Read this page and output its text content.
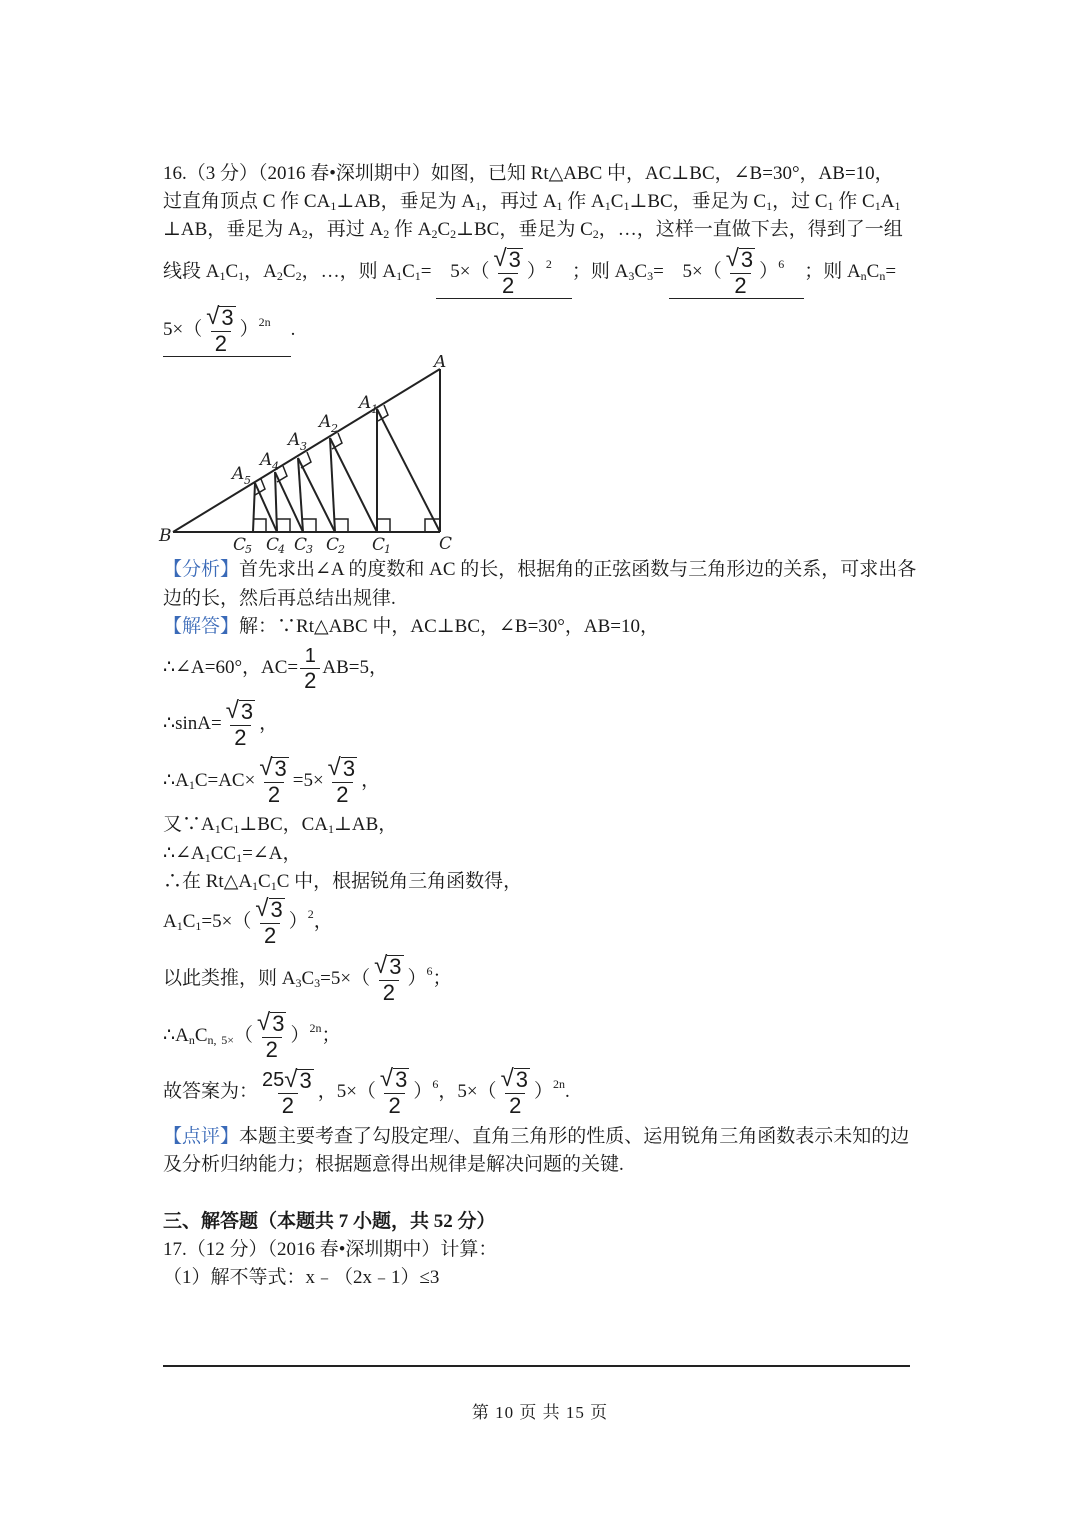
16.（3 分）（2016 春•深圳期中）如图，已知 Rt△ABC 中，AC⊥BC，∠B=30°，AB=10，
过直角顶点 C 作 $CA_1\perp AB$，垂足为 $A_1$，再过 $A_1$ 作 $A_1C_1\perp BC$，垂足为 $C_1$，过 $C_1$ 作 $C_1A_1$
⊥AB，垂足为 $A_2$，再过 $A_2$ 作 $A_2C_2\perp BC$，垂足为 $C_2$，…，这样一直做下去，得到了一组
线段 $A_1C_1$，$A_2C_2$，…，则 $A_1C_1= 5\times( \frac{√ 3}{2} )^2$ ；则 $A_3C_3= 5\times( \frac{√ 3}{2} )^6$ ；则 $A_nC_n=$
$5\times( \frac{√ 3}{2} )^{2n}$ .
A
B	C
A 1
A 2
A 3
A 4
A 5
C
1
C
2
C
3
C
4
C
5
【分析】首先求出∠A 的度数和 AC 的长，根据角的正弦函数与三角形边的关系，可求出各
边的长，然后再总结出规律.
【解答】解：∵Rt△ABC 中，AC⊥BC，∠B=30°，AB=10，
∴∠A=60°，$AC= \frac{1}{2} AB=5$，
∴sinA= $\frac{√ 3}{2}$ ，
$\therefore A_1C=AC\times \frac{√ 3}{2} =5\times \frac{√ 3}{2}$ ，
又$\because A_1C_1\perp BC$，$CA_1\perp AB$，
$\therefore\angle A_1CC_1=\angle A$，
∴在 $Rt\triangle A_1C_1C$ 中，根据锐角三角函数得，
$A_1C_1=5\times( \frac{√ 3}{2} )^2$，
以此类推，则 $A_3C_3=5\times( \frac{√ 3}{2} )^6$；
$\therefore A_nC_{n,}$ $_{5\times}( \frac{√ 3}{2} )^{2n}$；
故答案为： $\frac{25 √ 3}{2}$ ，$5\times( \frac{√ 3}{2} )^6$，$5\times( \frac{√ 3}{2} )^{2n}$.
【点评】本题主要考查了勾股定理/、直角三角形的性质、运用锐角三角函数表示未知的边
及分析归纳能力；根据题意得出规律是解决问题的关键.
三、解答题（本题共 7 小题，共 52 分）
17.（12 分）（2016 春•深圳期中）计算：
（1）解不等式：x﹣（2x﹣1）≤3
第 10 页 共 15 页
